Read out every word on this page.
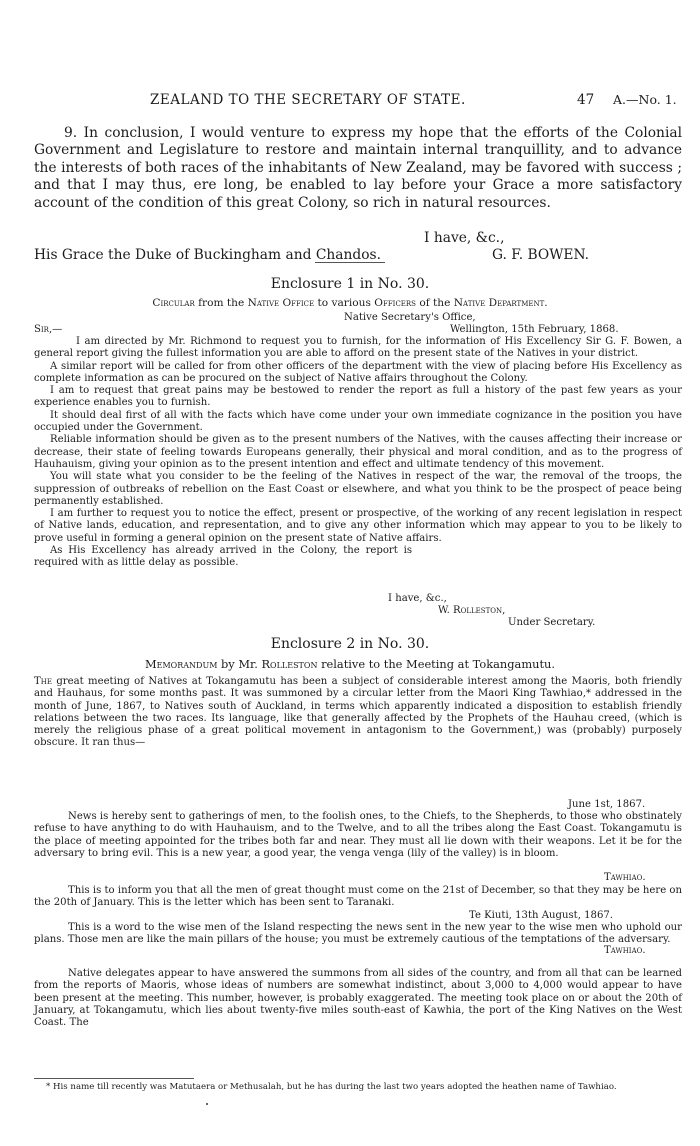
ZEALAND TO THE SECRETARY OF STATE.	47 A.—No. 1.

9. In conclusion, I would venture to express my hope that the efforts of the Colonial Government and Legislature to restore and maintain internal tranquillity, and to advance the interests of both races of the inhabitants of New Zealand, may be favored with success ; and that I may thus, ere long, be enabled to lay before your Grace a more satisfactory account of the condition of this great Colony, so rich in natural resources.

I have, &c.,
His Grace the Duke of Buckingham and Chandos.	G. F. BOWEN.
Enclosure 1 in No. 30.
Circular from the Native Office to various Officers of the Native Department.
Native Secretary's Office,
Sir,—	Wellington, 15th February, 1868.

I am directed by Mr. Richmond to request you to furnish, for the information of His Excellency Sir G. F. Bowen, a general report giving the fullest information you are able to afford on the present state of the Natives in your district.

A similar report will be called for from other officers of the department with the view of placing before His Excellency as complete information as can be procured on the subject of Native affairs throughout the Colony.

I am to request that great pains may be bestowed to render the report as full a history of the past few years as your experience enables you to furnish.

It should deal first of all with the facts which have come under your own immediate cognizance in the position you have occupied under the Government.

Reliable information should be given as to the present numbers of the Natives, with the causes affecting their increase or decrease, their state of feeling towards Europeans generally, their physical and moral condition, and as to the progress of Hauhauism, giving your opinion as to the present intention and effect and ultimate tendency of this movement.

You will state what you consider to be the feeling of the Natives in respect of the war, the removal of the troops, the suppression of outbreaks of rebellion on the East Coast or elsewhere, and what you think to be the prospect of peace being permanently established.

I am further to request you to notice the effect, present or prospective, of the working of any recent legislation in respect of Native lands, education, and representation, and to give any other information which may appear to you to be likely to prove useful in forming a general opinion on the present state of Native affairs.

As His Excellency has already arrived in the Colony, the report is required with as little delay as possible.

I have, &c.,
W. Rolleston,
Under Secretary.
Enclosure 2 in No. 30.
Memorandum by Mr. Rolleston relative to the Meeting at Tokangamutu.

The great meeting of Natives at Tokangamutu has been a subject of considerable interest among the Maoris, both friendly and Hauhaus, for some months past. It was summoned by a circular letter from the Maori King Tawhiao,* addressed in the month of June, 1867, to Natives south of Auckland, in terms which apparently indicated a disposition to establish friendly relations between the two races. Its language, like that generally affected by the Prophets of the Hauhau creed, (which is merely the religious phase of a great political movement in antagonism to the Government,) was (probably) purposely obscure. It ran thus—

June 1st, 1867.

News is hereby sent to gatherings of men, to the foolish ones, to the Chiefs, to the Shepherds, to those who obstinately refuse to have anything to do with Hauhauism, and to the Twelve, and to all the tribes along the East Coast. Tokangamutu is the place of meeting appointed for the tribes both far and near. They must all lie down with their weapons. Let it be for the adversary to bring evil. This is a new year, a good year, the venga venga (lily of the valley) is in bloom.

Tawhiao.

This is to inform you that all the men of great thought must come on the 21st of December, so that they may be here on the 20th of January. This is the letter which has been sent to Taranaki.

Te Kiuti, 13th August, 1867.

This is a word to the wise men of the Island respecting the news sent in the new year to the wise men who uphold our plans. Those men are like the main pillars of the house; you must be extremely cautious of the temptations of the adversary.

Tawhiao.

Native delegates appear to have answered the summons from all sides of the country, and from all that can be learned from the reports of Maoris, whose ideas of numbers are somewhat indistinct, about 3,000 to 4,000 would appear to have been present at the meeting. This number, however, is probably exaggerated. The meeting took place on or about the 20th of January, at Tokangamutu, which lies about twenty-five miles south-east of Kawhia, the port of the King Natives on the West Coast. The

* His name till recently was Matutaera or Methusalah, but he has during the last two years adopted the heathen name of Tawhiao.
